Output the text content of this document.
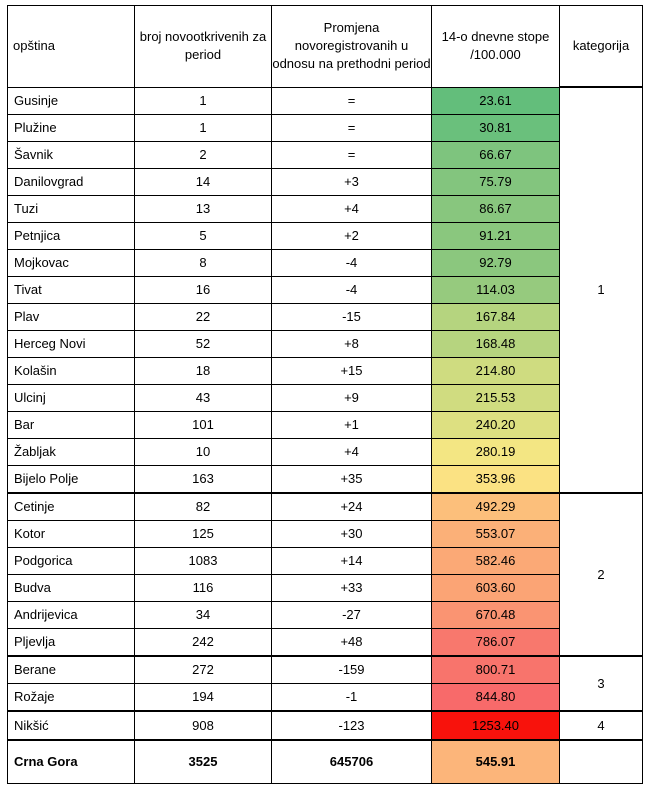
opština	broj novootkrivenih za period	Promjena novoregistrovanih u odnosu na prethodni period	14-o dnevne stope /100.000	kategorija
Gusinje	1	=	23.61	1
Plužine	1	=	30.81	
Šavnik	2	=	66.67	
Danilovgrad	14	+3	75.79	
Tuzi	13	+4	86.67	
Petnjica	5	+2	91.21	
Mojkovac	8	-4	92.79	
Tivat	16	-4	114.03	
Plav	22	-15	167.84	
Herceg Novi	52	+8	168.48	
Kolašin	18	+15	214.80	
Ulcinj	43	+9	215.53	
Bar	101	+1	240.20	
Žabljak	10	+4	280.19	
Bijelo Polje	163	+35	353.96	
Cetinje	82	+24	492.29	2
Kotor	125	+30	553.07	
Podgorica	1083	+14	582.46	
Budva	116	+33	603.60	
Andrijevica	34	-27	670.48	
Pljevlja	242	+48	786.07	
Berane	272	-159	800.71	3
Rožaje	194	-1	844.80	
Nikšić	908	-123	1253.40	4
Crna Gora	3525	645706	545.91	
